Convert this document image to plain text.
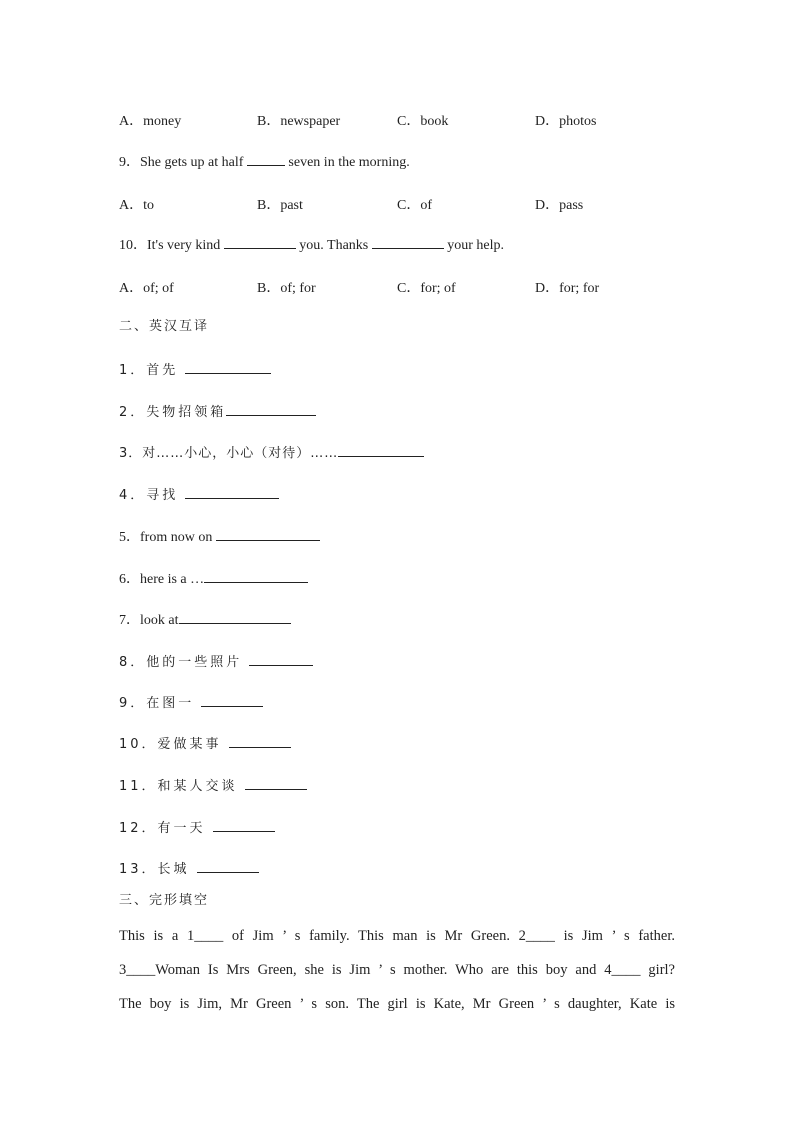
A．money	B．newspaper	C．book	D．photos
9．She gets up at half	seven in the morning.
A．to	B．past	C．of	D．pass
10．It's very kind	you. Thanks	your help.
A．of; of	B．of; for	C．for; of	D．for; for
二、英汉互译
1．首先
2．失物招领箱
3．对……小心，小心（对待）……
4．寻找
5．from now on
6．here is a …
7．look at
8．他的一些照片
9．在图一
10．爱做某事
11．和某人交谈
12．有一天
13．长城
三、完形填空
This is a 1____ of Jim ’ s family. This man is Mr Green. 2____ is Jim ’ s father.
3____Woman Is Mrs Green, she is Jim ’ s mother. Who are this boy and 4____ girl?
The boy is Jim, Mr Green ’ s son. The girl is Kate, Mr Green ’ s daughter, Kate is
